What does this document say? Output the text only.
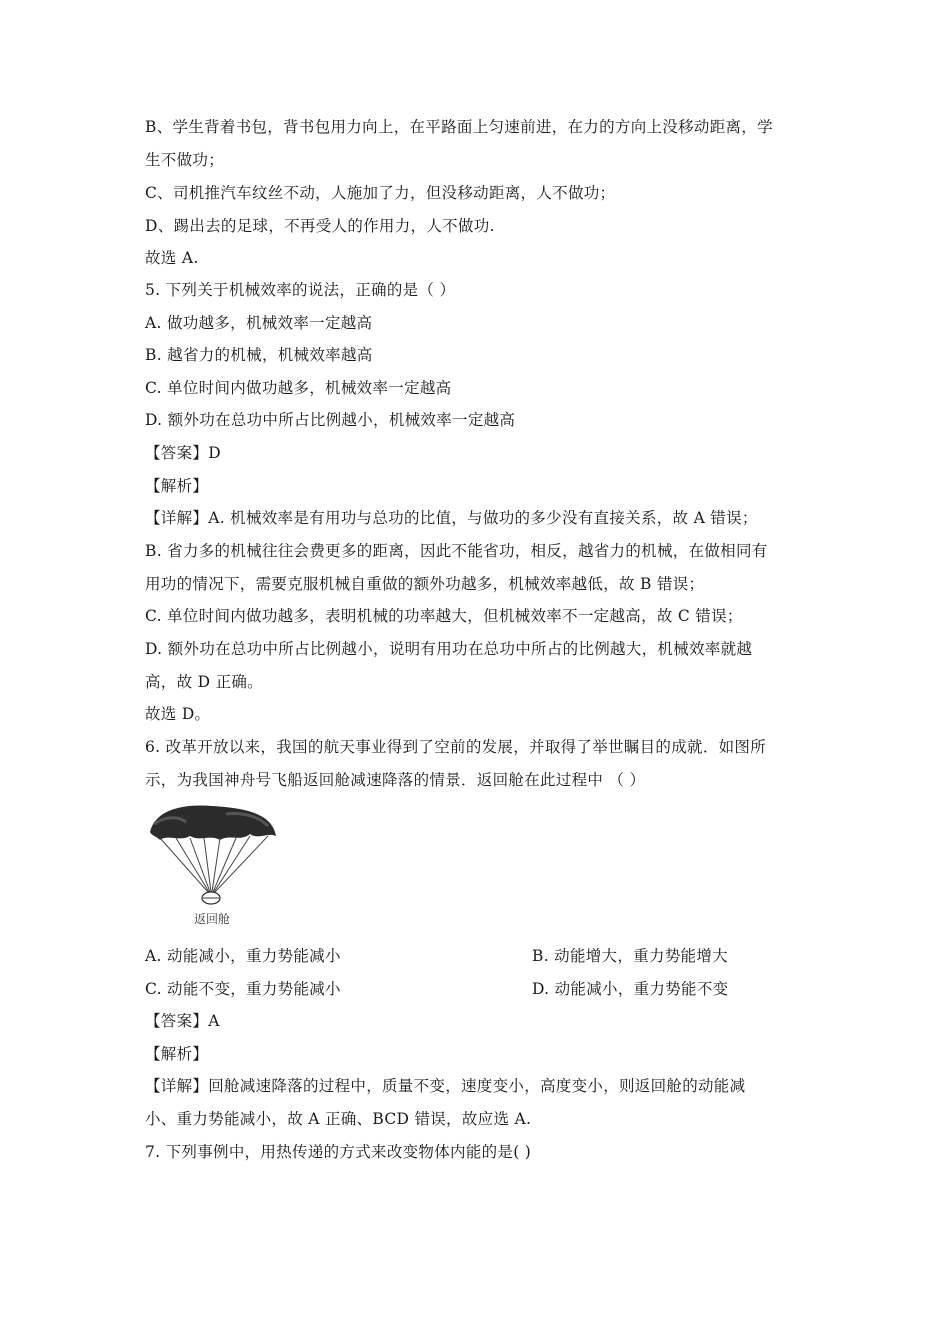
B、学生背着书包，背书包用力向上，在平路面上匀速前进，在力的方向上没移动距离，学
生不做功；
C、司机推汽车纹丝不动，人施加了力，但没移动距离，人不做功；
D、踢出去的足球，不再受人的作用力，人不做功.
故选 A.
5. 下列关于机械效率的说法，正确的是（ ）
A. 做功越多，机械效率一定越高
B. 越省力的机械，机械效率越高
C. 单位时间内做功越多，机械效率一定越高
D. 额外功在总功中所占比例越小，机械效率一定越高
【答案】D
【解析】
【详解】A. 机械效率是有用功与总功的比值，与做功的多少没有直接关系，故 A 错误；
B. 省力多的机械往往会费更多的距离，因此不能省功，相反，越省力的机械，在做相同有
用功的情况下，需要克服机械自重做的额外功越多，机械效率越低，故 B 错误；
C. 单位时间内做功越多，表明机械的功率越大，但机械效率不一定越高，故 C 错误；
D. 额外功在总功中所占比例越小，说明有用功在总功中所占的比例越大，机械效率就越
高，故 D 正确。
故选 D。
6. 改革开放以来，我国的航天事业得到了空前的发展，并取得了举世瞩目的成就．如图所
示，为我国神舟号飞船返回舱减速降落的情景．返回舱在此过程中 （ ）
返回舱
A. 动能减小，重力势能减小	B. 动能增大，重力势能增大
C. 动能不变，重力势能减小	D. 动能减小，重力势能不变
【答案】A
【解析】
【详解】回舱减速降落的过程中，质量不变，速度变小，高度变小，则返回舱的动能减
小、重力势能减小，故 A 正确、BCD 错误，故应选 A.
7. 下列事例中，用热传递的方式来改变物体内能的是( )
